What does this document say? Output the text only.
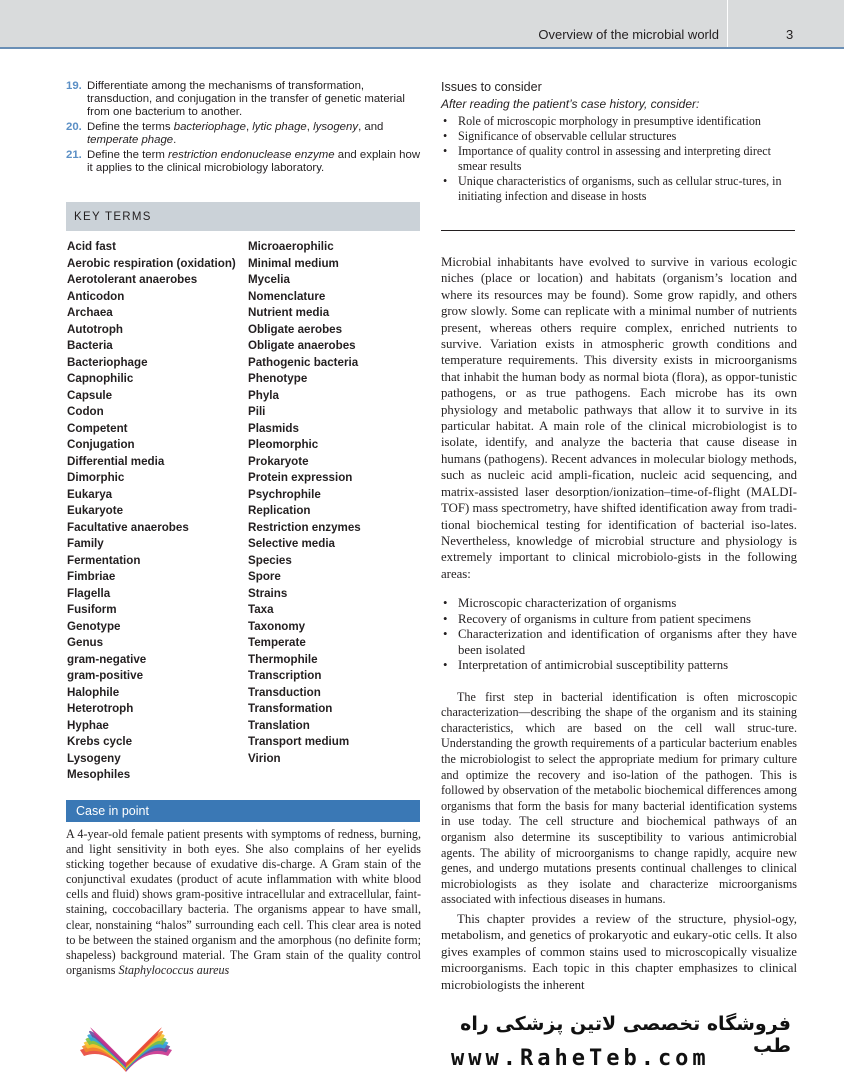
Overview of the microbial world	3
19. Differentiate among the mechanisms of transformation, transduction, and conjugation in the transfer of genetic material from one bacterium to another.
20. Define the terms bacteriophage, lytic phage, lysogeny, and temperate phage.
21. Define the term restriction endonuclease enzyme and explain how it applies to the clinical microbiology laboratory.
KEY TERMS
Acid fast
Aerobic respiration (oxidation)
Aerotolerant anaerobes
Anticodon
Archaea
Autotroph
Bacteria
Bacteriophage
Capnophilic
Capsule
Codon
Competent
Conjugation
Differential media
Dimorphic
Eukarya
Eukaryote
Facultative anaerobes
Family
Fermentation
Fimbriae
Flagella
Fusiform
Genotype
Genus
gram-negative
gram-positive
Halophile
Heterotroph
Hyphae
Krebs cycle
Lysogeny
Mesophiles
Microaerophilic
Minimal medium
Mycelia
Nomenclature
Nutrient media
Obligate aerobes
Obligate anaerobes
Pathogenic bacteria
Phenotype
Phyla
Pili
Plasmids
Pleomorphic
Prokaryote
Protein expression
Psychrophile
Replication
Restriction enzymes
Selective media
Species
Spore
Strains
Taxa
Taxonomy
Temperate
Thermophile
Transcription
Transduction
Transformation
Translation
Transport medium
Virion
Case in point

A 4-year-old female patient presents with symptoms of redness, burning, and light sensitivity in both eyes. She also complains of her eyelids sticking together because of exudative dis-charge. A Gram stain of the conjunctival exudates (product of acute inflammation with white blood cells and fluid) shows gram-positive intracellular and extracellular, faint-staining, coccobacillary bacteria. The organisms appear to have small, clear, nonstaining “halos” surrounding each cell. This clear area is noted to be between the stained organism and the amorphous (no definite form; shapeless) background material. The Gram stain of the quality control organisms Staphylococcus aureus

Issues to consider
After reading the patient’s case history, consider:
• Role of microscopic morphology in presumptive identification
• Significance of observable cellular structures
• Importance of quality control in assessing and interpreting direct smear results
• Unique characteristics of organisms, such as cellular struc-tures, in initiating infection and disease in hosts

Microbial inhabitants have evolved to survive in various ecologic niches (place or location) and habitats (organism’s location and where its resources may be found). Some grow rapidly, and others grow slowly. Some can replicate with a minimal number of nutrients present, whereas others require complex, enriched nutrients to survive. Variation exists in atmospheric growth conditions and temperature requirements. This diversity exists in microorganisms that inhabit the human body as normal biota (flora), as oppor-tunistic pathogens, or as true pathogens. Each microbe has its own physiology and metabolic pathways that allow it to survive in its particular habitat. A main role of the clinical microbiologist is to isolate, identify, and analyze the bacteria that cause disease in humans (pathogens). Recent advances in molecular biology methods, such as nucleic acid ampli-fication, nucleic acid sequencing, and matrix-assisted laser desorption/ionization–time-of-flight (MALDI-TOF) mass spectrometry, have shifted identification away from tradi-tional biochemical testing for identification of bacterial iso-lates. Nevertheless, knowledge of microbial structure and physiology is extremely important to clinical microbiolo-gists in the following areas:

• Microscopic characterization of organisms
• Recovery of organisms in culture from patient specimens
• Characterization and identification of organisms after they have been isolated
• Interpretation of antimicrobial susceptibility patterns

The first step in bacterial identification is often microscopic characterization—describing the shape of the organism and its staining characteristics, which are based on the cell wall struc-ture. Understanding the growth requirements of a particular bacterium enables the microbiologist to select the appropriate medium for primary culture and optimize the recovery and iso-lation of the pathogen. This is followed by observation of the metabolic biochemical differences among organisms that form the basis for many bacterial identification systems in use today. The cell structure and biochemical pathways of an organism also determine its susceptibility to various antimicrobial agents. The ability of microorganisms to change rapidly, acquire new genes, and undergo mutations presents continual challenges to clinical microbiologists as they isolate and characterize microorganisms associated with infectious diseases in humans.

This chapter provides a review of the structure, physiol-ogy, metabolism, and genetics of prokaryotic and eukary-otic cells. It also gives examples of common stains used to microscopically visualize microorganisms. Each topic in this chapter emphasizes to clinical microbiologists the inherent

فروشگاه تخصصی لاتین پزشکی راه طب
www.RaheTeb.com
